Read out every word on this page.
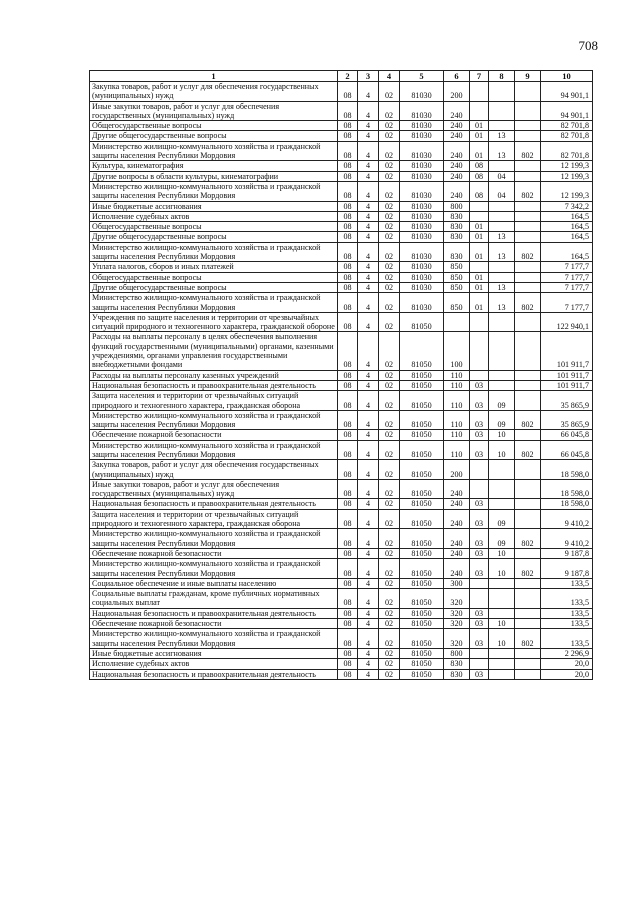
708
1	2	3	4	5	6	7	8	9	10
Закупка товаров, работ и услуг для обеспечения государственных (муниципальных) нужд	08	4	02	81030	200				94 901,1
Иные закупки товаров, работ и услуг для обеспечения государственных (муниципальных) нужд	08	4	02	81030	240				94 901,1
Общегосударственные вопросы	08	4	02	81030	240	01			82 701,8
Другие общегосударственные вопросы	08	4	02	81030	240	01	13		82 701,8
Министерство жилищно-коммунального хозяйства и гражданской защиты населения Республики Мордовия	08	4	02	81030	240	01	13	802	82 701,8
Культура, кинематография	08	4	02	81030	240	08			12 199,3
Другие вопросы в области культуры, кинематографии	08	4	02	81030	240	08	04		12 199,3
Министерство жилищно-коммунального хозяйства и гражданской защиты населения Республики Мордовия	08	4	02	81030	240	08	04	802	12 199,3
Иные бюджетные ассигнования	08	4	02	81030	800				7 342,2
Исполнение судебных актов	08	4	02	81030	830				164,5
Общегосударственные вопросы	08	4	02	81030	830	01			164,5
Другие общегосударственные вопросы	08	4	02	81030	830	01	13		164,5
Министерство жилищно-коммунального хозяйства и гражданской защиты населения Республики Мордовия	08	4	02	81030	830	01	13	802	164,5
Уплата налогов, сборов и иных платежей	08	4	02	81030	850				7 177,7
Общегосударственные вопросы	08	4	02	81030	850	01			7 177,7
Другие общегосударственные вопросы	08	4	02	81030	850	01	13		7 177,7
Министерство жилищно-коммунального хозяйства и гражданской защиты населения Республики Мордовия	08	4	02	81030	850	01	13	802	7 177,7
Учреждения по защите населения и территории от чрезвычайных ситуаций природного и техногенного характера, гражданской обороне	08	4	02	81050					122 940,1
Расходы на выплаты персоналу в целях обеспечения выполнения функций государственными (муниципальными) органами, казенными учреждениями, органами управления государственными внебюджетными фондами	08	4	02	81050	100				101 911,7
Расходы на выплаты персоналу казенных учреждений	08	4	02	81050	110				101 911,7
Национальная безопасность и правоохранительная деятельность	08	4	02	81050	110	03			101 911,7
Защита населения и территории от чрезвычайных ситуаций природного и техногенного характера, гражданская оборона	08	4	02	81050	110	03	09		35 865,9
Министерство жилищно-коммунального хозяйства и гражданской защиты населения Республики Мордовия	08	4	02	81050	110	03	09	802	35 865,9
Обеспечение пожарной безопасности	08	4	02	81050	110	03	10		66 045,8
Министерство жилищно-коммунального хозяйства и гражданской защиты населения Республики Мордовия	08	4	02	81050	110	03	10	802	66 045,8
Закупка товаров, работ и услуг для обеспечения государственных (муниципальных) нужд	08	4	02	81050	200				18 598,0
Иные закупки товаров, работ и услуг для обеспечения государственных (муниципальных) нужд	08	4	02	81050	240				18 598,0
Национальная безопасность и правоохранительная деятельность	08	4	02	81050	240	03			18 598,0
Защита населения и территории от чрезвычайных ситуаций природного и техногенного характера, гражданская оборона	08	4	02	81050	240	03	09		9 410,2
Министерство жилищно-коммунального хозяйства и гражданской защиты населения Республики Мордовия	08	4	02	81050	240	03	09	802	9 410,2
Обеспечение пожарной безопасности	08	4	02	81050	240	03	10		9 187,8
Министерство жилищно-коммунального хозяйства и гражданской защиты населения Республики Мордовия	08	4	02	81050	240	03	10	802	9 187,8
Социальное обеспечение и иные выплаты населению	08	4	02	81050	300				133,5
Социальные выплаты гражданам, кроме публичных нормативных социальных выплат	08	4	02	81050	320				133,5
Национальная безопасность и правоохранительная деятельность	08	4	02	81050	320	03			133,5
Обеспечение пожарной безопасности	08	4	02	81050	320	03	10		133,5
Министерство жилищно-коммунального хозяйства и гражданской защиты населения Республики Мордовия	08	4	02	81050	320	03	10	802	133,5
Иные бюджетные ассигнования	08	4	02	81050	800				2 296,9
Исполнение судебных актов	08	4	02	81050	830				20,0
Национальная безопасность и правоохранительная деятельность	08	4	02	81050	830	03			20,0
